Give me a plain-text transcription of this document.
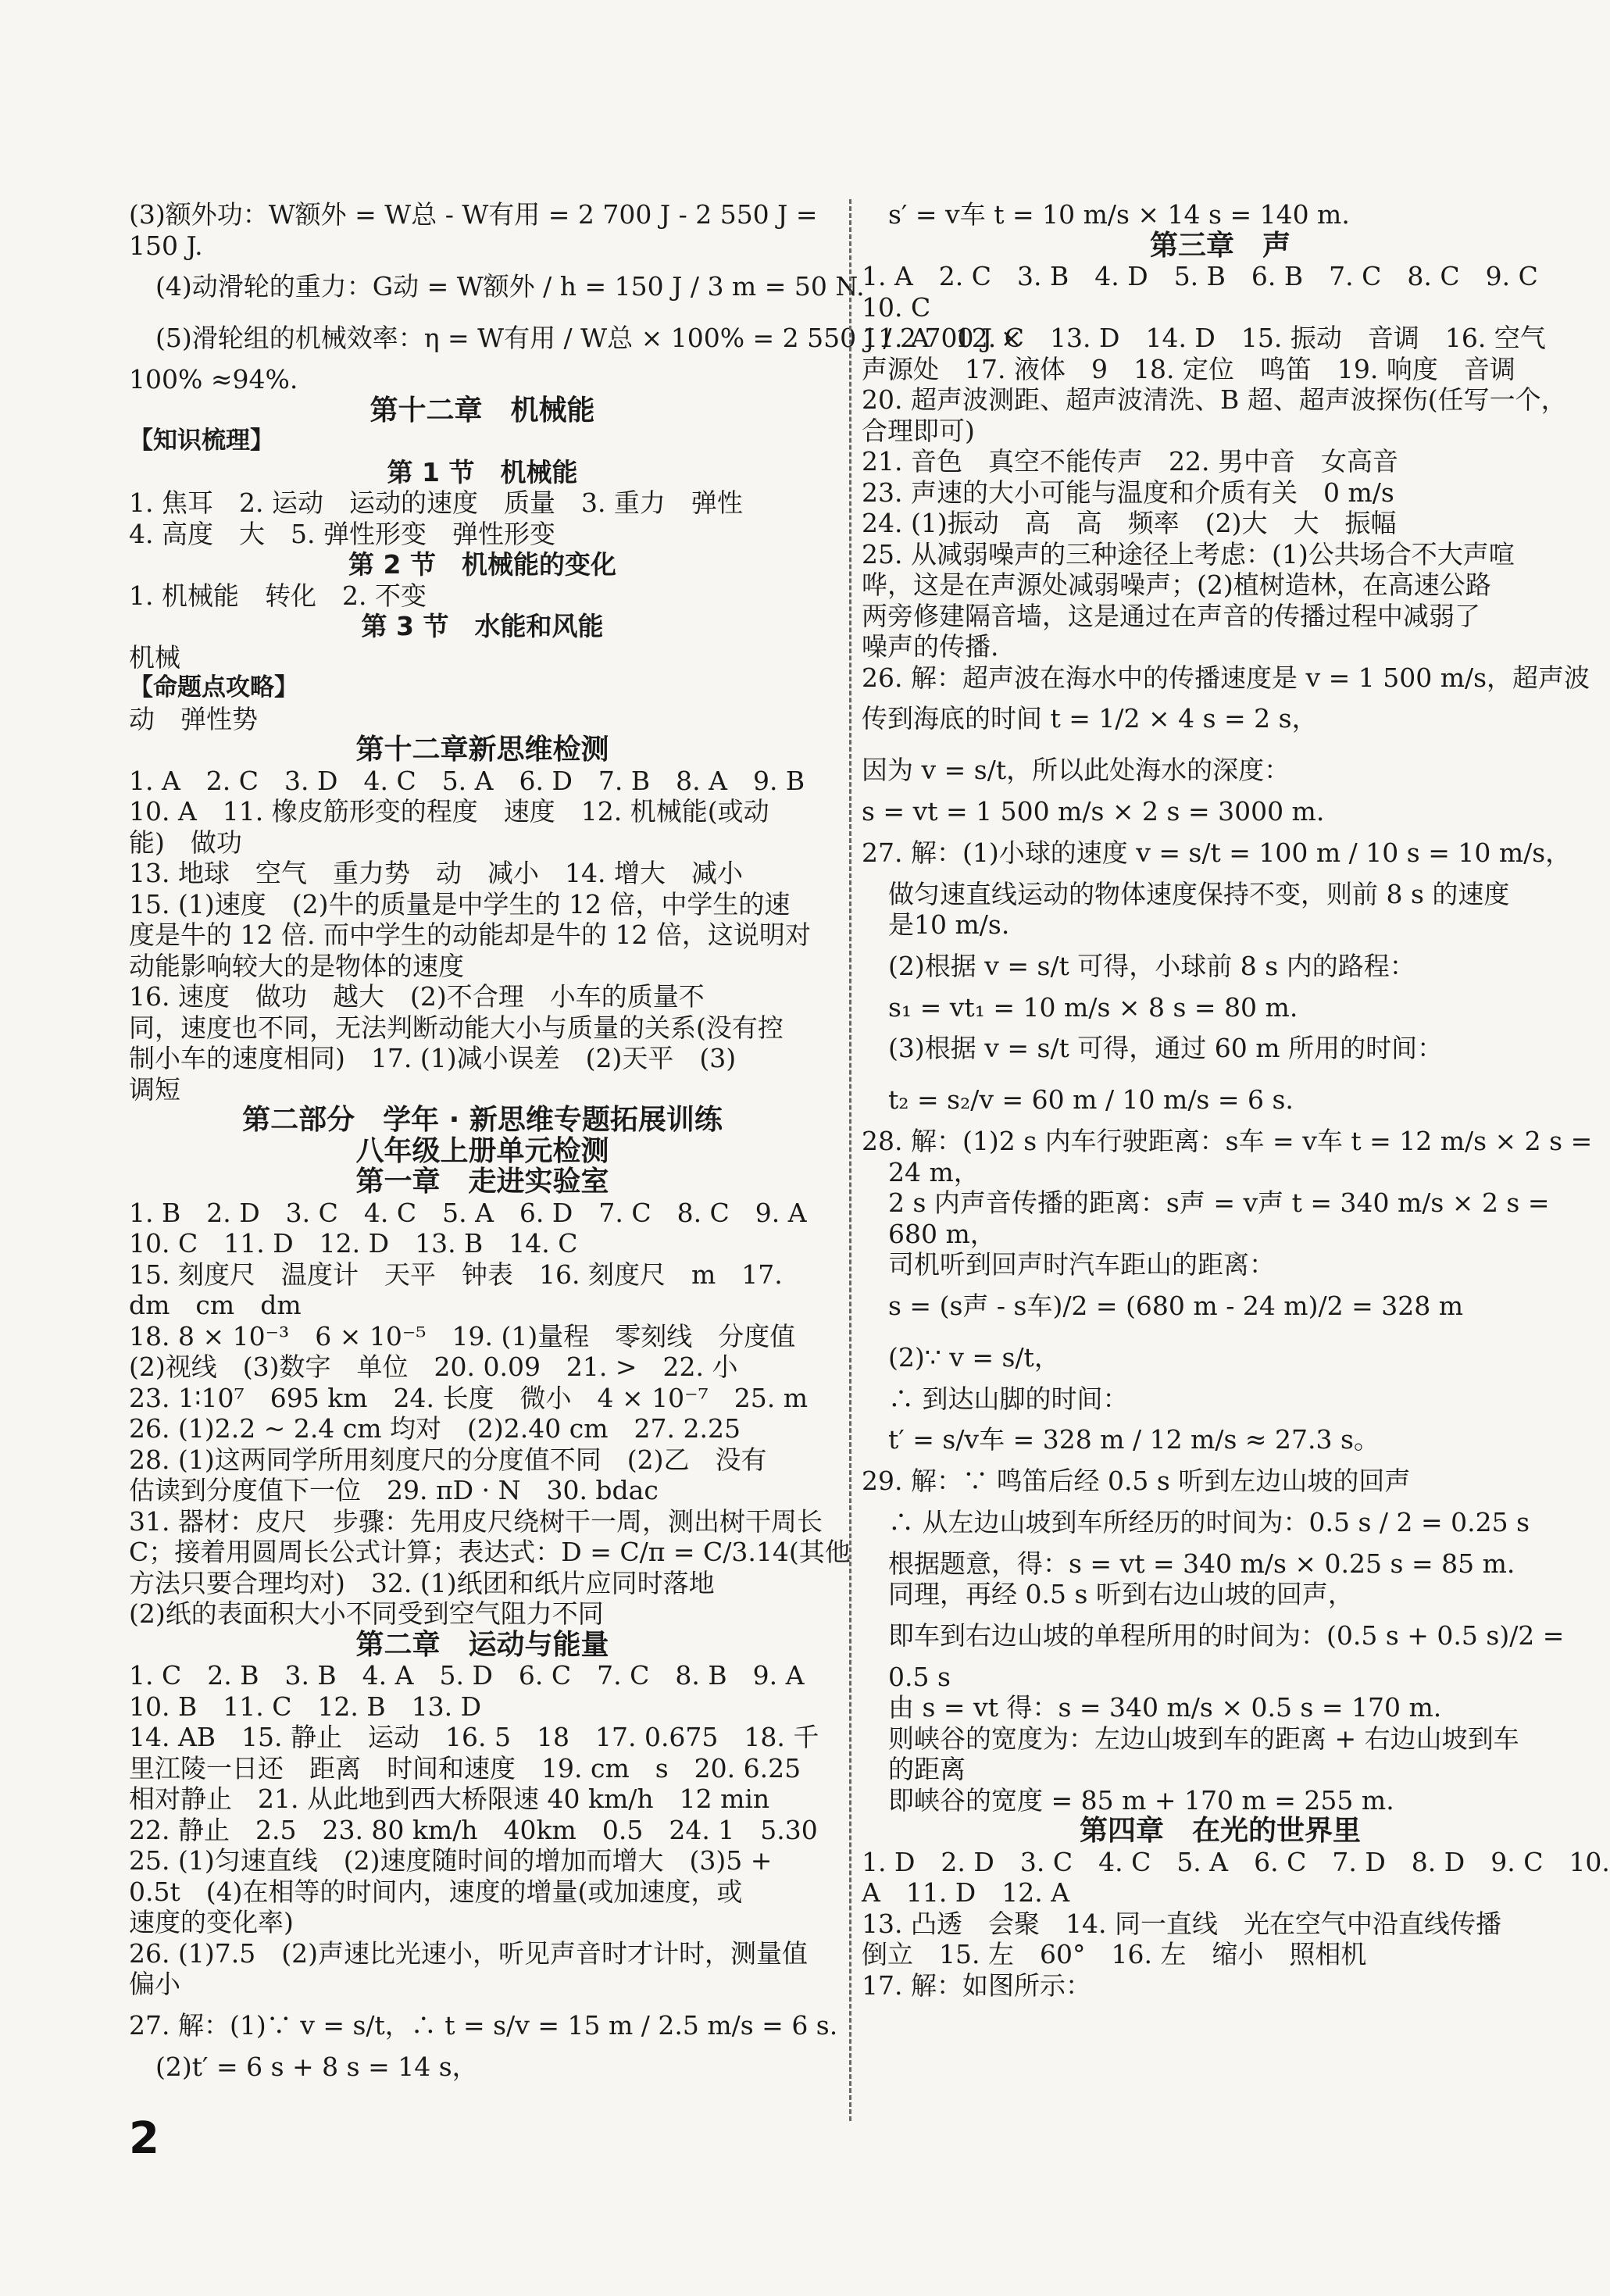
(3)额外功：W额外 = W总 - W有用 = 2 700 J - 2 550 J =
150 J.
(4)动滑轮的重力：G动 = W额外 / h = 150 J / 3 m = 50 N.
(5)滑轮组的机械效率：η = W有用 / W总 × 100% = 2 550 J / 2 700 J ×
100% ≈94%.
第十二章　机械能
【知识梳理】
第 1 节　机械能
1. 焦耳　2. 运动　运动的速度　质量　3. 重力　弹性
4. 高度　大　5. 弹性形变　弹性形变
第 2 节　机械能的变化
1. 机械能　转化　2. 不变
第 3 节　水能和风能
机械
【命题点攻略】
动　弹性势
第十二章新思维检测
1. A　2. C　3. D　4. C　5. A　6. D　7. B　8. A　9. B
10. A　11. 橡皮筋形变的程度　速度　12. 机械能(或动
能)　做功
13. 地球　空气　重力势　动　减小　14. 增大　减小
15. (1)速度　(2)牛的质量是中学生的 12 倍，中学生的速
度是牛的 12 倍. 而中学生的动能却是牛的 12 倍，这说明对
动能影响较大的是物体的速度
16. 速度　做功　越大　(2)不合理　小车的质量不
同，速度也不同，无法判断动能大小与质量的关系(没有控
制小车的速度相同)　17. (1)减小误差　(2)天平　(3)
调短
第二部分　学年 · 新思维专题拓展训练
八年级上册单元检测
第一章　走进实验室
1. B　2. D　3. C　4. C　5. A　6. D　7. C　8. C　9. A
10. C　11. D　12. D　13. B　14. C
15. 刻度尺　温度计　天平　钟表　16. 刻度尺　m　17.
dm　cm　dm
18. 8 × 10⁻³　6 × 10⁻⁵　19. (1)量程　零刻线　分度值
(2)视线　(3)数字　单位　20. 0.09　21. >　22. 小
23. 1∶10⁷　695 km　24. 长度　微小　4 × 10⁻⁷　25. m
26. (1)2.2 ~ 2.4 cm 均对　(2)2.40 cm　27. 2.25
28. (1)这两同学所用刻度尺的分度值不同　(2)乙　没有
估读到分度值下一位　29. πD · N　30. bdac
31. 器材：皮尺　步骤：先用皮尺绕树干一周，测出树干周长
C；接着用圆周长公式计算；表达式：D = C/π = C/3.14(其他
方法只要合理均对)　32. (1)纸团和纸片应同时落地
(2)纸的表面积大小不同受到空气阻力不同
第二章　运动与能量
1. C　2. B　3. B　4. A　5. D　6. C　7. C　8. B　9. A
10. B　11. C　12. B　13. D
14. AB　15. 静止　运动　16. 5　18　17. 0.675　18. 千
里江陵一日还　距离　时间和速度　19. cm　s　20. 6.25
相对静止　21. 从此地到西大桥限速 40 km/h　12 min
22. 静止　2.5　23. 80 km/h　40km　0.5　24. 1　5.30
25. (1)匀速直线　(2)速度随时间的增加而增大　(3)5 +
0.5t　(4)在相等的时间内，速度的增量(或加速度，或
速度的变化率)
26. (1)7.5　(2)声速比光速小，听见声音时才计时，测量值
偏小
27. 解：(1)∵ v = s/t，∴ t = s/v = 15 m / 2.5 m/s = 6 s.
(2)t′ = 6 s + 8 s = 14 s，
s′ = v车 t = 10 m/s × 14 s = 140 m.
第三章　声
1. A　2. C　3. B　4. D　5. B　6. B　7. C　8. C　9. C
10. C
11. A　12. C　13. D　14. D　15. 振动　音调　16. 空气
声源处　17. 液体　9　18. 定位　鸣笛　19. 响度　音调
20. 超声波测距、超声波清洗、B 超、超声波探伤(任写一个，
合理即可)
21. 音色　真空不能传声　22. 男中音　女高音
23. 声速的大小可能与温度和介质有关　0 m/s
24. (1)振动　高　高　频率　(2)大　大　振幅
25. 从减弱噪声的三种途径上考虑：(1)公共场合不大声喧
哗，这是在声源处减弱噪声；(2)植树造林，在高速公路
两旁修建隔音墙，这是通过在声音的传播过程中减弱了
噪声的传播.
26. 解：超声波在海水中的传播速度是 v = 1 500 m/s，超声波
传到海底的时间 t = 1/2 × 4 s = 2 s，
因为 v = s/t，所以此处海水的深度：
s = vt = 1 500 m/s × 2 s = 3000 m.
27. 解：(1)小球的速度 v = s/t = 100 m / 10 s = 10 m/s，
做匀速直线运动的物体速度保持不变，则前 8 s 的速度
是10 m/s.
(2)根据 v = s/t 可得，小球前 8 s 内的路程：
s₁ = vt₁ = 10 m/s × 8 s = 80 m.
(3)根据 v = s/t 可得，通过 60 m 所用的时间：
t₂ = s₂/v = 60 m / 10 m/s = 6 s.
28. 解：(1)2 s 内车行驶距离：s车 = v车 t = 12 m/s × 2 s =
24 m，
2 s 内声音传播的距离：s声 = v声 t = 340 m/s × 2 s =
680 m，
司机听到回声时汽车距山的距离：
s = (s声 - s车)/2 = (680 m - 24 m)/2 = 328 m
(2)∵ v = s/t，
∴ 到达山脚的时间：
t′ = s/v车 = 328 m / 12 m/s ≈ 27.3 s。
29. 解：∵ 鸣笛后经 0.5 s 听到左边山坡的回声
∴ 从左边山坡到车所经历的时间为：0.5 s / 2 = 0.25 s
根据题意，得：s = vt = 340 m/s × 0.25 s = 85 m.
同理，再经 0.5 s 听到右边山坡的回声，
即车到右边山坡的单程所用的时间为：(0.5 s + 0.5 s)/2 =
0.5 s
由 s = vt 得：s = 340 m/s × 0.5 s = 170 m.
则峡谷的宽度为：左边山坡到车的距离 + 右边山坡到车
的距离
即峡谷的宽度 = 85 m + 170 m = 255 m.
第四章　在光的世界里
1. D　2. D　3. C　4. C　5. A　6. C　7. D　8. D　9. C　10.
A　11. D　12. A
13. 凸透　会聚　14. 同一直线　光在空气中沿直线传播
倒立　15. 左　60°　16. 左　缩小　照相机
17. 解：如图所示：
2
